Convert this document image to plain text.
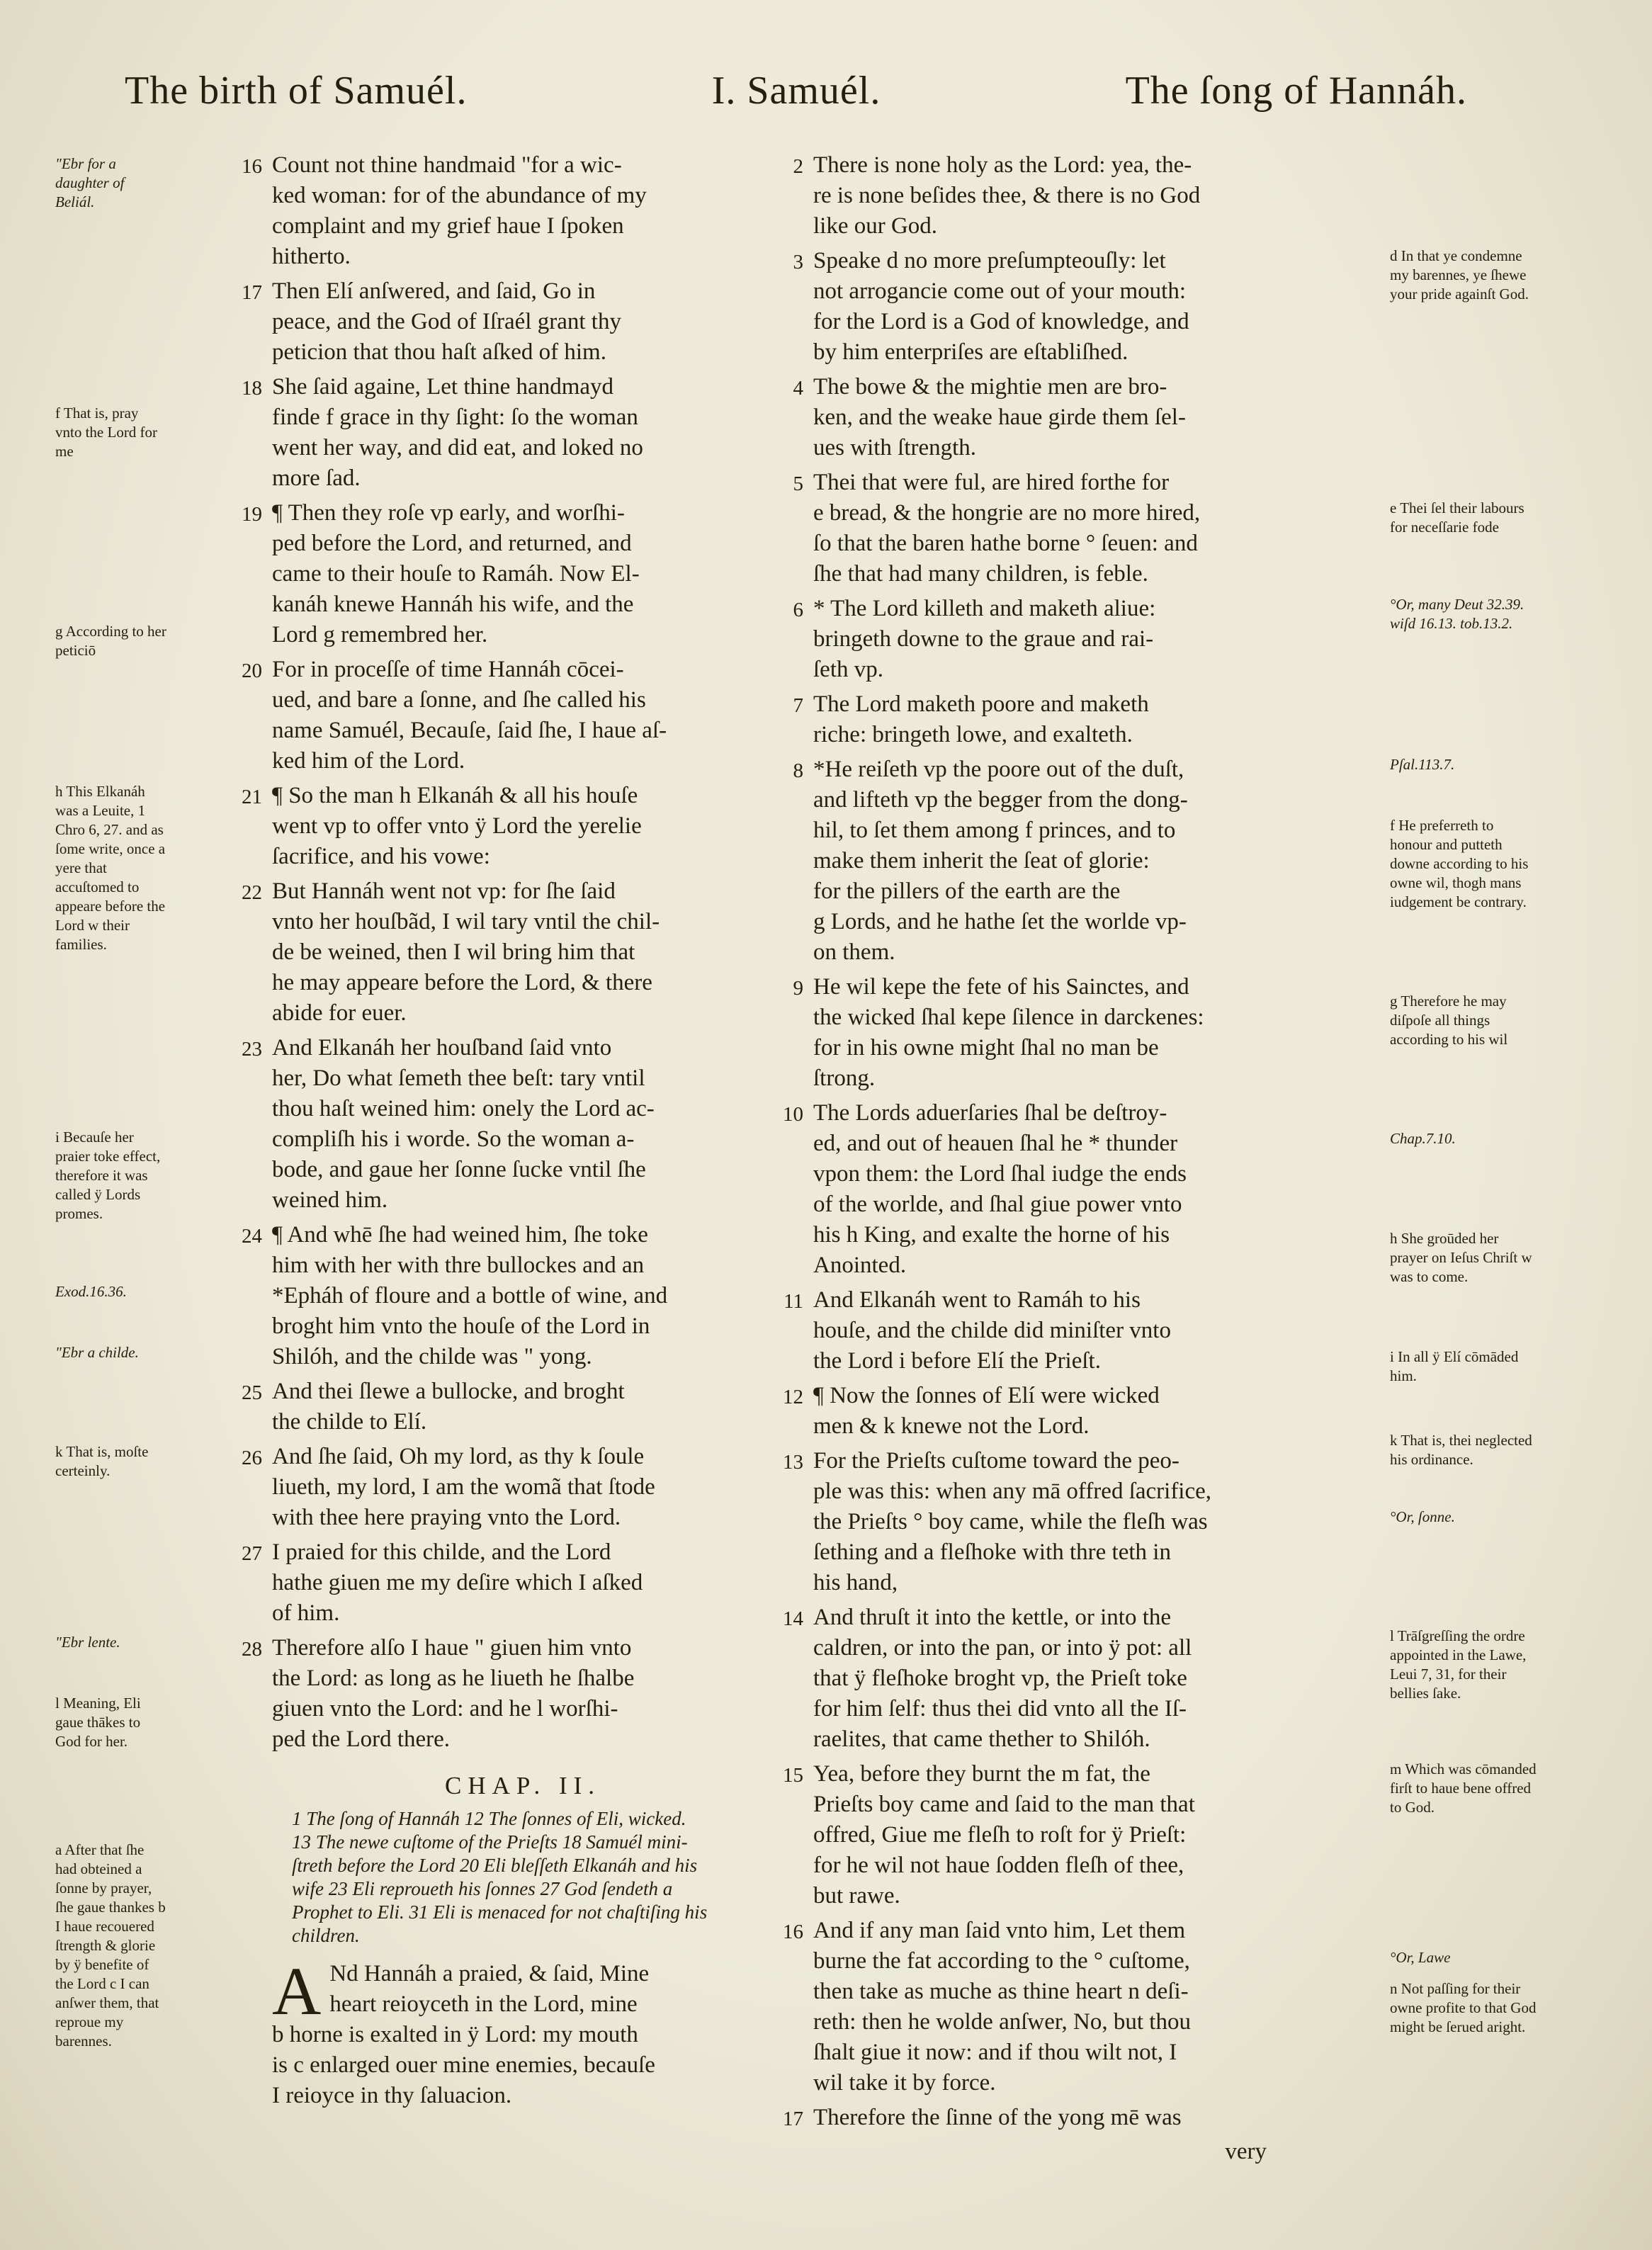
The birth of Samuél.	I. Samuél.	The ſong of Hannáh.
"Ebr for a daughter of Beliál.
f That is, pray vnto the Lord for me
g According to her peticiō
h This Elkanáh was a Leuite, 1 Chro 6, 27. and as ſome write, once a yere that accuſtomed to appeare before the Lord w their families.
i Becauſe her praier toke effect, therefore it was called ÿ Lords promes.
Exod.16.36.
"Ebr a childe.
k That is, moſte certeinly.
"Ebr lente.
l Meaning, Eli gaue thākes to God for her.
a After that ſhe had obteined a ſonne by prayer, ſhe gaue thankes b I haue recouered ſtrength & glorie by ÿ benefite of the Lord c I can anſwer them, that reproue my barennes.
16 Count not thine handmaid "for a wic-
ked woman: for of the abundance of my
complaint and my grief haue I ſpoken
hitherto.
17 Then Elí anſwered, and ſaid, Go in
peace, and the God of Iſraél grant thy
peticion that thou haſt aſked of him.
18 She ſaid againe, Let thine handmayd
finde f grace in thy ſight: ſo the woman
went her way, and did eat, and loked no
more ſad.
19 ¶ Then they roſe vp early, and worſhi-
ped before the Lord, and returned, and
came to their houſe to Ramáh. Now El-
kanáh knewe Hannáh his wife, and the
Lord g remembred her.
20 For in proceſſe of time Hannáh cōcei-
ued, and bare a ſonne, and ſhe called his
name Samuél, Becauſe, ſaid ſhe, I haue aſ-
ked him of the Lord.
21 ¶ So the man h Elkanáh & all his houſe
went vp to offer vnto ÿ Lord the yerelie
ſacrifice, and his vowe:
22 But Hannáh went not vp: for ſhe ſaid
vnto her houſbãd, I wil tary vntil the chil-
de be weined, then I wil bring him that
he may appeare before the Lord, & there
abide for euer.
23 And Elkanáh her houſband ſaid vnto
her, Do what ſemeth thee beſt: tary vntil
thou haſt weined him: onely the Lord ac-
compliſh his i worde. So the woman a-
bode, and gaue her ſonne ſucke vntil ſhe
weined him.
24 ¶ And whē ſhe had weined him, ſhe toke
him with her with thre bullockes and an
*Epháh of floure and a bottle of wine, and
broght him vnto the houſe of the Lord in
Shilóh, and the childe was " yong.
25 And thei ſlewe a bullocke, and broght
the childe to Elí.
26 And ſhe ſaid, Oh my lord, as thy k ſoule
liueth, my lord, I am the womã that ſtode
with thee here praying vnto the Lord.
27 I praied for this childe, and the Lord
hathe giuen me my deſire which I aſked
of him.
28 Therefore alſo I haue " giuen him vnto
the Lord: as long as he liueth he ſhalbe
giuen vnto the Lord: and he l worſhi-
ped the Lord there.
CHAP. II.
1 The ſong of Hannáh 12 The ſonnes of Eli, wicked.
13 The newe cuſtome of the Prieſts 18 Samuél mini-
ſtreth before the Lord 20 Eli bleſſeth Elkanáh and his
wife 23 Eli reproueth his ſonnes 27 God ſendeth a
Prophet to Eli. 31 Eli is menaced for not chaſtiſing his
children.
A Nd Hannáh a praied, & ſaid, Mine
heart reioyceth in the Lord, mine
b horne is exalted in ÿ Lord: my mouth
is c enlarged ouer mine enemies, becauſe
I reioyce in thy ſaluacion.
2 There is none holy as the Lord: yea, the-
re is none beſides thee, & there is no God
like our God.
3 Speake d no more preſumpteouſly: let
not arrogancie come out of your mouth:
for the Lord is a God of knowledge, and
by him enterpriſes are eſtabliſhed.
4 The bowe & the mightie men are bro-
ken, and the weake haue girde them ſel-
ues with ſtrength.
5 Thei that were ful, are hired forthe for
e bread, & the hongrie are no more hired,
ſo that the baren hathe borne ° ſeuen: and
ſhe that had many children, is feble.
6 * The Lord killeth and maketh aliue:
bringeth downe to the graue and rai-
ſeth vp.
7 The Lord maketh poore and maketh
riche: bringeth lowe, and exalteth.
8 *He reiſeth vp the poore out of the duſt,
and lifteth vp the begger from the dong-
hil, to ſet them among f princes, and to
make them inherit the ſeat of glorie:
for the pillers of the earth are the
g Lords, and he hathe ſet the worlde vp-
on them.
9 He wil kepe the fete of his Sainctes, and
the wicked ſhal kepe ſilence in darckenes:
for in his owne might ſhal no man be
ſtrong.
10 The Lords aduerſaries ſhal be deſtroy-
ed, and out of heauen ſhal he * thunder
vpon them: the Lord ſhal iudge the ends
of the worlde, and ſhal giue power vnto
his h King, and exalte the horne of his
Anointed.
11 And Elkanáh went to Ramáh to his
houſe, and the childe did miniſter vnto
the Lord i before Elí the Prieſt.
12 ¶ Now the ſonnes of Elí were wicked
men & k knewe not the Lord.
13 For the Prieſts cuſtome toward the peo-
ple was this: when any mā offred ſacrifice,
the Prieſts ° boy came, while the fleſh was
ſething and a fleſhoke with thre teth in
his hand,
14 And thruſt it into the kettle, or into the
caldren, or into the pan, or into ÿ pot: all
that ÿ fleſhoke broght vp, the Prieſt toke
for him ſelf: thus thei did vnto all the Iſ-
raelites, that came thether to Shilóh.
15 Yea, before they burnt the m fat, the
Prieſts boy came and ſaid to the man that
offred, Giue me fleſh to roſt for ÿ Prieſt:
for he wil not haue ſodden fleſh of thee,
but rawe.
16 And if any man ſaid vnto him, Let them
burne the fat according to the ° cuſtome,
then take as muche as thine heart n deſi-
reth: then he wolde anſwer, No, but thou
ſhalt giue it now: and if thou wilt not, I
wil take it by force.
17 Therefore the ſinne of the yong mē was
very
d In that ye condemne my barennes, ye ſhewe your pride againſt God.
e Thei ſel their labours for neceſſarie fode
°Or, many Deut 32.39. wiſd 16.13. tob.13.2.
Pſal.113.7.
f He preferreth to honour and putteth downe according to his owne wil, thogh mans iudgement be contrary.
g Therefore he may diſpoſe all things according to his wil
Chap.7.10.
h She groūded her prayer on Ieſus Chriſt w was to come.
i In all ÿ Elí cōmāded him.
k That is, thei neglected his ordinance.
°Or, ſonne.
l Trāſgreſſing the ordre appointed in the Lawe, Leui 7, 31, for their bellies ſake.
m Which was cōmanded firſt to haue bene offred to God.
°Or, Lawe
n Not paſſing for their owne profite to that God might be ſerued aright.
